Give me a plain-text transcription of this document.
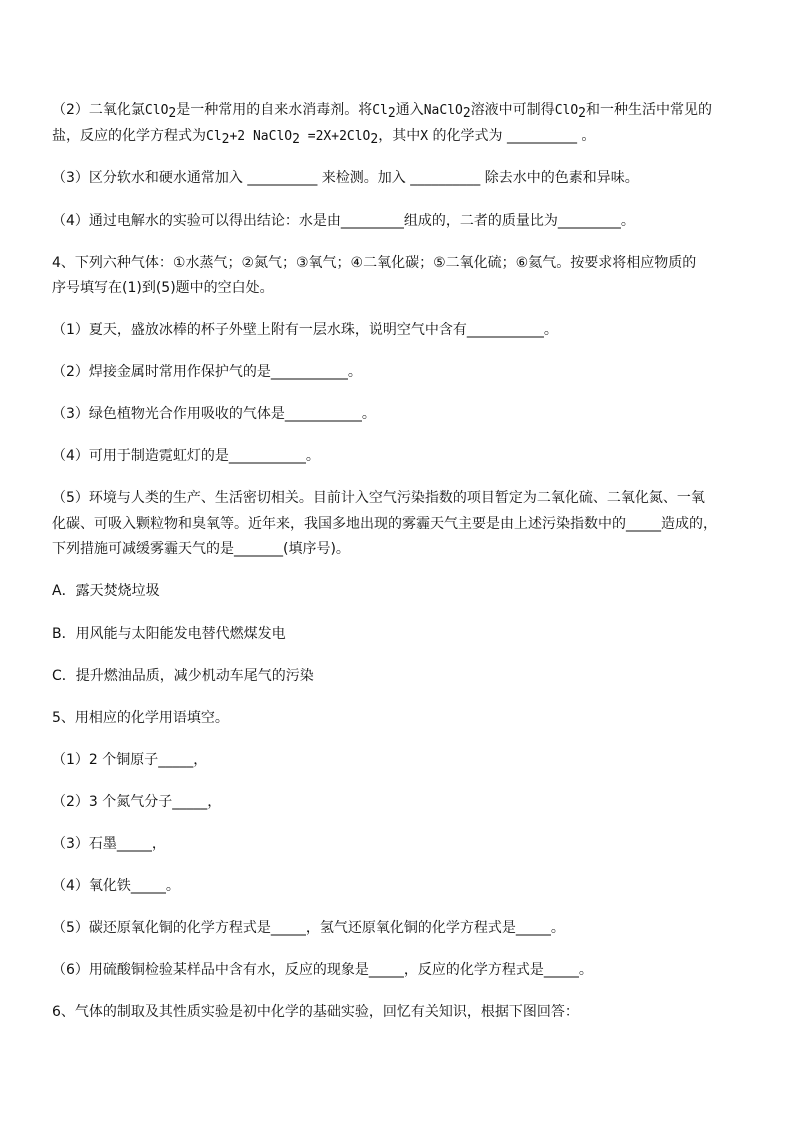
（2）二氧化氯ClO$_2$是一种常用的自来水消毒剂。将$Cl_2$通入NaClO$_2$溶液中可制得ClO$_2$和一种生活中常见的
盐，反应的化学方程式为$Cl_2+2$ NaClO$_2$ =2X+2ClO$_2$，其中X 的化学式为 __________ 。
（3）区分软水和硬水通常加入 __________ 来检测。加入 __________ 除去水中的色素和异味。
（4）通过电解水的实验可以得出结论：水是由_________组成的，二者的质量比为_________。
4、下列六种气体：①水蒸气；②氮气；③氧气；④二氧化碳；⑤二氧化硫；⑥氦气。按要求将相应物质的
序号填写在(1)到(5)题中的空白处。
（1）夏天，盛放冰棒的杯子外壁上附有一层水珠，说明空气中含有___________。
（2）焊接金属时常用作保护气的是___________。
（3）绿色植物光合作用吸收的气体是___________。
（4）可用于制造霓虹灯的是___________。
（5）环境与人类的生产、生活密切相关。目前计入空气污染指数的项目暂定为二氧化硫、二氧化氮、一氧
化碳、可吸入颗粒物和臭氧等。近年来，我国多地出现的雾霾天气主要是由上述污染指数中的_____造成的，
下列措施可减缓雾霾天气的是_______(填序号)。
A．露天焚烧垃圾
B．用风能与太阳能发电替代燃煤发电
C．提升燃油品质，减少机动车尾气的污染
5、用相应的化学用语填空。
（1）2 个铜原子_____，
（2）3 个氮气分子_____，
（3）石墨_____，
（4）氧化铁_____。
（5）碳还原氧化铜的化学方程式是_____，氢气还原氧化铜的化学方程式是_____。
（6）用硫酸铜检验某样品中含有水，反应的现象是_____，反应的化学方程式是_____。
6、气体的制取及其性质实验是初中化学的基础实验，回忆有关知识，根据下图回答：
